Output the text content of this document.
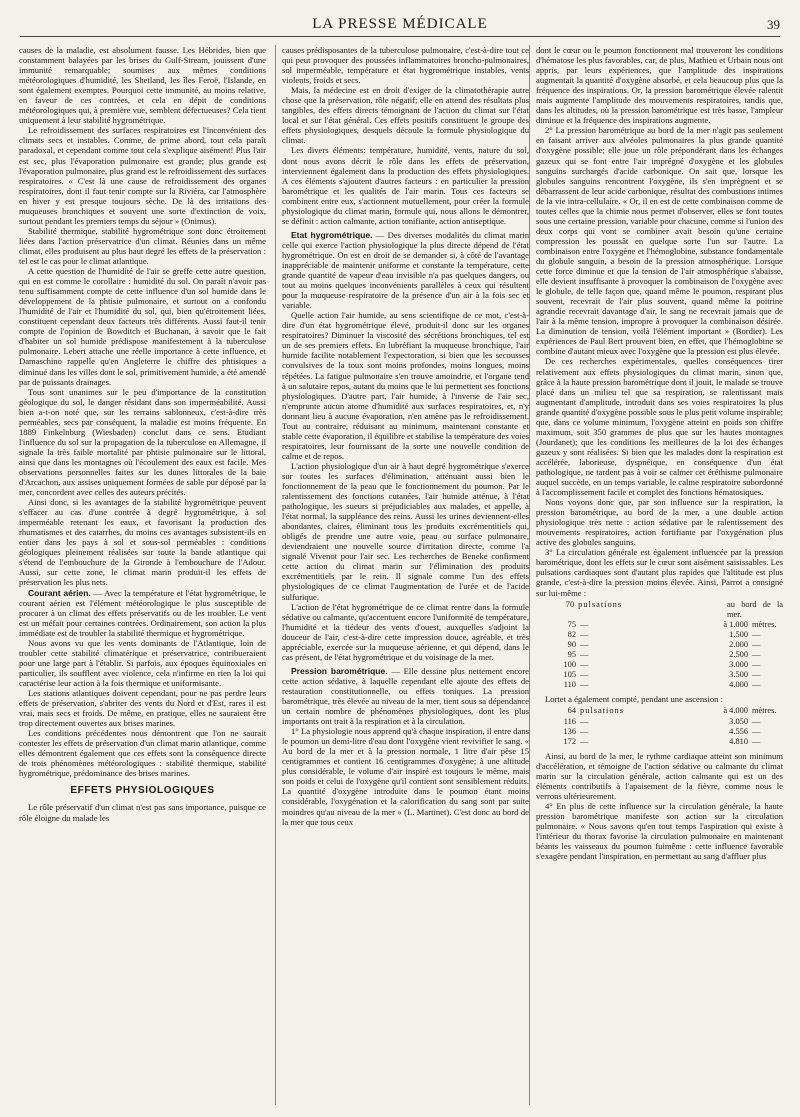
LA PRESSE MÉDICALE	39

causes de la maladie, est absolument fausse. Les Hébrides, bien que constamment balayées par les brises du Gulf-Stream, jouissent d'une immunité remarquable; soumises aux mêmes conditions météorologiques d'humidité, les Shetland, les îles Feroë, l'Islande, en sont également exemptes. Pourquoi cette immunité, au moins relative, en faveur de ces contrées, et cela en dépit de conditions météorologiques qui, à première vue, semblent défectueuses? Cela tient uniquement à leur stabilité hygrométrique.

Le refroidissement des surfaces respiratoires est l'inconvénient des climats secs et instables. Comme, de prime abord, tout cela paraît paradoxal, et cependant comme tout cela s'explique aisément! Plus l'air est sec, plus l'évaporation pulmonaire est grande; plus grande est l'évaporation pulmonaire, plus grand est le refroidissement des surfaces respiratoires. « C'est là une cause de refroidissement des organes respiratoires, dont il faut tenir compte sur la Riviéra, car l'atmosphère en hiver y est presque toujours sèche. De là des irritations des muqueuses bronchiques et souvent une sorte d'extinction de voix, surtout pendant les premiers temps du séjour » (Onimus).

Stabilité thermique, stabilité hygrométrique sont donc étroitement liées dans l'action préservatrice d'un climat. Réunies dans un même climat, elles produisent au plus haut degré les effets de la préservation : tel est le cas pour le climat atlantique.

A cette question de l'humidité de l'air se greffe cette autre question, qui en est comme le corollaire : humidité du sol. On paraît n'avoir pas tenu suffisamment compte de cette influence d'un sol humide dans le développement de la phtisie pulmonaire, et surtout on a confondu l'humidité de l'air et l'humidité du sol, qui, bien qu'étroitement liées, constituent cependant deux facteurs très différents. Aussi faut-il tenir compte de l'opinion de Bowditch et Buchanan, à savoir que le fait d'habiter un sol humide prédispose manifestement à la tuberculose pulmonaire. Lebert attache une réelle importance à cette influence, et Damaschino rappelle qu'en Angleterre le chiffre des phtisiques a diminué dans les villes dont le sol, primitivement humide, a été amendé par de puissants drainages.

Tous sont unanimes sur le peu d'importance de la constitution géologique du sol, le danger résidant dans son imperméabilité. Aussi bien a-t-on noté que, sur les terrains sablonneux, c'est-à-dire très perméables, secs par conséquent, la maladie est moins fréquente. En 1889 Finkelnburg (Wiesbaden) conclut dans ce sens. Etudiant l'influence du sol sur la propagation de la tuberculose en Allemagne, il signale la très faible mortalité par phtisie pulmonaire sur le littoral, ainsi que dans les montagnes où l'écoulement des eaux est facile. Mes observations personnelles faites sur les dunes littorales de la baie d'Arcachon, aux assises uniquement formées de sable pur déposé par la mer, concordent avec celles des auteurs précités.

Ainsi donc, si les avantages de la stabilité hygrométrique peuvent s'effacer au cas d'une contrée à degré hygrométrique, à sol imperméable retenant les eaux, et favorisant la production des rhumatismes et des catarrhes, du moins ces avantages subsistent-ils en entier dans les pays à sol et sous-sol perméables : conditions géologiques pleinement réalisées sur toute la bande atlantique qui s'étend de l'embouchure de la Gironde à l'embouchure de l'Adour. Aussi, sur cette zone, le climat marin produit-il les effets de préservation les plus nets.

Courant aérien. — Avec la température et l'état hygrométrique, le courant aérien est l'élément météorologique le plus susceptible de procurer à un climat des effets préservatifs ou de les troubler. Le vent est un méfait pour certaines contrées. Ordinairement, son action la plus immédiate est de troubler la stabilité thermique et hygrométrique.

Nous avons vu que les vents dominants de l'Atlantique, loin de troubler cette stabilité climatérique et préservatrice, contribueraient pour une large part à l'établir. Si parfois, aux époques équinoxiales en particulier, ils soufflent avec violence, cela n'infirme en rien la loi qui caractérise leur action à la fois thermique et uniformisante.

Les stations atlantiques doivent cependant, pour ne pas perdre leurs effets de préservation, s'abriter des vents du Nord et d'Est, rares il est vrai, mais secs et froids. De même, en pratique, elles ne sauraient être trop directement ouvertes aux brises marines.

Les conditions précédentes nous démontrent que l'on ne saurait contester les effets de préservation d'un climat marin atlantique, comme elles démontrent également que ces effets sont la conséquence directe de trois phénomènes météorologiques : stabilité thermique, stabilité hygrométrique, prédominance des brises marines.

EFFETS PHYSIOLOGIQUES

Le rôle préservatif d'un climat n'est pas sans importance, puisque ce rôle éloigne du malade les

causes prédisposantes de la tuberculose pulmonaire, c'est-à-dire tout ce qui peut provoquer des poussées inflammatoires broncho-pulmonaires, sol imperméable, température et état hygrométrique instables, vents violents, froids et secs.

Mais, la médecine est en droit d'exiger de la climatothérapie autre chose que la préservation, rôle négatif; elle en attend des résultats plus tangibles, des effets directs témoignant de l'action du climat sur l'état local et sur l'état général. Ces effets positifs constituent le groupe des effets physiologiques, desquels découle la formule physiologique du climat.

Les divers éléments: température, humidité, vents, nature du sol, dont nous avons décrit le rôle dans les effets de préservation, interviennent également dans la production des effets physiologiques. A ces éléments s'ajoutent d'autres facteurs : en particulier la pression barométrique et les qualités de l'air marin. Tous ces facteurs se combinent entre eux, s'actionnent mutuellement, pour créer la formule physiologique du climat marin, formule qui, nous allons le démontrer, se définit : action calmante, action tonifiante, action antiseptique.

Etat hygrométrique. — Des diverses modalités du climat marin celle qui exerce l'action physiologique la plus directe dépend de l'état hygrométrique. On est en droit de se demander si, à côté de l'avantage inappréciable de maintenir uniforme et constante la température, cette grande quantité de vapeur d'eau invisible n'a pas quelques dangers, ou tout au moins quelques inconvénients parallèles à ceux qui résultent pour la muqueuse respiratoire de la présence d'un air à la fois sec et variable.

Quelle action l'air humide, au sens scientifique de ce mot, c'est-à-dire d'un état hygrométrique élevé, produit-il donc sur les organes respiratoires? Diminuer la viscosité des sécrétions bronchiques, tel est un de ses premiers effets. En lubréfiant la muqueuse bronchique, l'air humide facilite notablement l'expectoration, si bien que les secousses convulsives de la toux sont moins profondes, moins longues, moins répétées. La fatigue pulmonaire s'en trouve amoindrie, et l'organe tend à un salutaire repos, autant du moins que le lui permettent ses fonctions physiologiques. D'autre part, l'air humide, à l'inverse de l'air sec, n'emprunte aucun atome d'humidité aux surfaces respiratoires, et, n'y donnant lieu à aucune évaporation, n'en amène pas le refroidissement. Tout au contraire, réduisant au minimum, maintenant constante et stable cette évaporation, il équilibre et stabilise la température des voies respiratoires, leur fournissant de la sorte une nouvelle condition de calme et de repos.

L'action physiologique d'un air à haut degré hygrométrique s'exerce sur toutes les surfaces d'élimination, atténuant aussi bien le fonctionnement de la peau que le fonctionnement du poumon. Par le ralentissement des fonctions cutanées, l'air humide atténue, à l'état pathologique, les sueurs si préjudiciables aux malades, et appelle, à l'état normal, la suppléance des reins. Aussi les urines deviennent-elles abondantes, claires, éliminant tous les produits excrémentitiels qui, obligés de prendre une autre voie, peau ou surface pulmonaire, deviendraient une nouvelle source d'irritation directe, comme l'a signalé Vivenot pour l'air sec. Les recherches de Beneke confirment cette action du climat marin sur l'élimination des produits excrémentitiels par le rein. Il signale comme l'un des effets physiologiques de ce climat l'augmentation de l'urée et de l'acide sulfurique.

L'action de l'état hygrométrique de ce climat rentre dans la formule sédative ou calmante, qu'accentuent encore l'uniformité de température, l'humidité et la tiédeur des vents d'ouest, auxquelles s'adjoint la douceur de l'air, c'est-à-dire cette impression douce, agréable, et très appréciable, exercée sur la muqueuse aérienne, et qui dépend, dans le cas présent, de l'état hygrométrique et du voisinage de la mer.

Pression barométrique. — Elle dessine plus nettement encore cette action sédative, à laquelle cependant elle ajoute des effets de restauration constitutionnelle, ou effets toniques. La pression barométrique, très élevée au niveau de la mer, tient sous sa dépendance un certain nombre de phénomènes physiologiques, dont les plus importants ont trait à la respiration et à la circulation.

1° La physiologie nous apprend qu'à chaque inspiration, il entre dans le poumon un demi-litre d'eau dont l'oxygène vient revivifier le sang. « Au bord de la mer et à la pression normale, 1 litre d'air pèse 15 centigrammes et contient 16 centigrammes d'oxygène; à une altitude plus considérable, le volume d'air inspiré est toujours le même, mais son poids et celui de l'oxygène qu'il contient sont sensiblement réduits. La quantité d'oxygène introduite dans le poumon étant moins considérable, l'oxygénation et la calorification du sang sont par suite moindres qu'au niveau de la mer » (L. Martinet). C'est donc au bord de la mer que tous ceux

dont le cœur ou le poumon fonctionnent mal trouveront les conditions d'hématose les plus favorables, car, de plus, Mathieu et Urbain nous ont appris, par leurs expériences, que l'amplitude des inspirations augmentait la quantité d'oxygène absorbé, et cela beaucoup plus que la fréquence des inspirations. Or, la pression barométrique élevée ralentit mais augmente l'amplitude des mouvements respiratoires, tandis que, dans les altitudes, où la pression barométrique est très basse, l'ampleur diminue et la fréquence des inspirations augmente.

2° La pression barométrique au bord de la mer n'agit pas seulement en faisant arriver aux alvéoles pulmonaires la plus grande quantité d'oxygène possible; elle joue un rôle prépondérant dans les échanges gazeux qui se font entre l'air imprégné d'oxygène et les globules sanguins surchargés d'acide carbonique. On sait que, lorsque les globules sanguins rencontrent l'oxygène, ils s'en imprègnent et se débarrassent de leur acide carbonique, résultat des combustions intimes de la vie intra-cellulaire. « Or, il en est de cette combinaison comme de toutes celles que la chimie nous permet d'observer, elles se font toutes sous une certaine pression, variable pour chacune, comme si l'union des deux corps qui vont se combiner avait besoin qu'une certaine compression les poussât en quelque sorte l'un sur l'autre. La combinaison entre l'oxygène et l'hémoglobine, substance fondamentale du globule sanguin, a besoin de la pression atmosphérique. Lorsque cette force diminue et que la tension de l'air atmosphérique s'abaisse, elle devient insuffisante à provoquer la combinaison de l'oxygène avec le globule, de telle façon que, quand même le poumon, respirant plus souvent, recevrait de l'air plus souvent, quand même la poitrine agrandie recevrait davantage d'air, le sang ne recevrait jamais que de l'air à la même tension, impropre à provoquer la combinaison désirée. La diminution de tension, voilà l'élément important » (Bordier). Les expériences de Paul Bert prouvent bien, en effet, que l'hémoglobine se combine d'autant mieux avec l'oxygène que la pression est plus élevée.

De ces recherches expérimentales, quelles conséquences tirer relativement aux effets physiologiques du climat marin, sinon que, grâce à la haute pression barométrique dont il jouit, le malade se trouve placé dans un milieu tel que sa respiration, se ralentissant mais augmentant d'amplitude, introduit dans ses voies respiratoires la plus grande quantité d'oxygène possible sous le plus petit volume inspirable; que, dans ce volume minimum, l'oxygène atteint en poids son chiffre maximum, soit 350 grammes de plus que sur les hautes montagnes (Jourdanet); que les conditions les meilleures de la loi des échanges gazeux y sont réalisées. Si bien que les malades dont la respiration est accélérée, laborieuse, dyspnéique, en conséquence d'un état pathologique, ne tardent pas à voir se calmer cet éréthisme pulmonaire auquel succède, en un temps variable, le calme respiratoire subordonné à l'accomplissement facile et complet des fonctions hématosiques.

Nous voyons donc que, par son influence sur la respiration, la pression barométrique, au bord de la mer, a une double action physiologique très nette : action sédative par le ralentissement des mouvements respiratoires, action fortifiante par l'oxygénation plus active des globules sanguins.

3° La circulation générale est également influencée par la pression barométrique, dont les effets sur le cœur sont aisément saisissables. Les pulsations cardiaques sont d'autant plus rapides que l'altitude est plus grande, c'est-à-dire la pression moins élevée. Ainsi, Parrot a consigné sur lui-même :

70 pulsations	au bord de la mer.
75 —	à 1.000 mètres.
82 —	1.500 —
90 —	2.000 —
95 —	2.500 —
100 —	3.000 —
105 —	3.500 —
110 —	4.000 —

Lortet a également compté, pendant une ascension :

64 pulsations	à 4.000 mètres.
116 —	3.050 —
136 —	4.556 —
172 —	4.810 —

Ainsi, au bord de la mer, le rythme cardiaque atteint son minimum d'accélération, et témoigne de l'action sédative ou calmante du climat marin sur la circulation générale, action calmante qui est un des éléments contributifs à l'apaisement de la fièvre, comme nous le verrons ultérieurement.

4° En plus de cette influence sur la circulation générale, la haute pression barométrique manifeste son action sur la circulation pulmonaire. « Nous savons qu'en tout temps l'aspiration qui existe à l'intérieur du thorax favorise la circulation pulmonaire en maintenant béants les vaisseaux du poumon fuimême : cette influence favorable s'exagère pendant l'inspiration, en permettant au sang d'affluer plus
